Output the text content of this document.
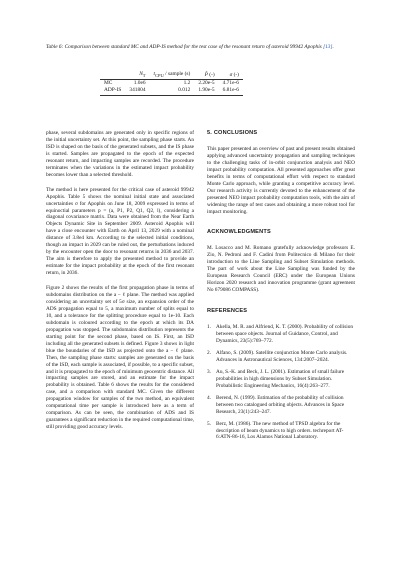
Table 6: Comparison between standard MC and ADP-IS method for the test case of the resonant return of asteroid 99942 Apophis [13].
	$N_T$	$t_{CPU}$ / sample (s)	P̂ (-)	σ (-)
MC	1.0e6	1.2	2.20e-5	4.71e-6
ADP-IS	341804	0.012	1.90e-5	6.81e-6

phase, several subdomains are generated only in specific regions of the initial uncertainty set. At this point, the sampling phase starts. An ISD is shaped on the basis of the generated subsets, and the IS phase is started. Samples are propagated to the epoch of the expected resonant return, and impacting samples are recorded. The procedure terminates when the variations in the estimated impact probability becomes lower than a selected threshold.

The method is here presented for the critical case of asteroid 99942 Apophis. Table 5 shows the nominal initial state and associated uncertainties σ for Apophis on June 18, 2009 expressed in terms of equinoctial parameters p = (a, P1, P2, Q1, Q2, l), considering a diagonal covariance matrix. Data were obtained from the Near Earth Objects Dynamic Site in September 2009. Asteroid Apophis will have a close encounter with Earth on April 13, 2029 with a nominal distance of 3.8e4 km. According to the selected initial conditions, though an impact in 2029 can be ruled out, the perturbations induced by the encounter open the door to resonant returns in 2036 and 2037. The aim is therefore to apply the presented method to provide an estimate for the impact probability at the epoch of the first resonant return, in 2036.

Figure 2 shows the results of the first propagation phase in terms of subdomains distribution on the a − ℓ plane. The method was applied considering an uncertainty set of 5σ size, an expansion order of the ADS propagation equal to 5, a maximum number of splits equal to 10, and a tolerance for the splitting procedure equal to 1e-10. Each subdomain is coloured according to the epoch at which its DA propagation was stopped. The subdomains distribution represents the starting point for the second phase, based on IS. First, an ISD including all the generated subsets is defined. Figure 3 shows in light blue the boundaries of the ISD as projected onto the a − ℓ plane. Then, the sampling phase starts: samples are generated on the basis of the ISD, each sample is associated, if possible, to a specific subset, and it is propagated to the epoch of minimum geocentric distance. All impacting samples are stored, and an estimate for the impact probability is obtained. Table 6 shows the results for the considered case, and a comparison with standard MC. Given the different propagation window for samples of the two method, an equivalent computational time per sample is introduced here as a term of comparison. As can be seen, the combination of ADS and IS guarantees a significant reduction in the required computational time, still providing good accuracy levels.

5. CONCLUSIONS

This paper presented an overview of past and present results obtained applying advanced uncertainty propagation and sampling techniques to the challenging tasks of in-orbit conjunction analysis and NEO impact probability computation. All presented approaches offer great benefits in terms of computational effort with respect to standard Monte Carlo approach, while granting a competitive accuracy level. Our research activity is currently devoted to the enhancement of the presented NEO impact probability computation tools, with the aim of widening the range of test cases and obtaining a more robust tool for impact monitoring.

ACKNOWLEDGMENTS

M. Losacco and M. Romano gratefully acknowledge professors E. Zio, N. Pedroni and F. Cadini from Politecnico di Milano for their introduction to the Line Sampling and Subset Simulation methods. The part of work about the Line Sampling was funded by the European Research Council (ERC) under the European Unions Horizon 2020 research and innovation programme (grant agreement No 679086 COMPASS).

REFERENCES
1. Akella, M. R. and Alfriend, K. T. (2000). Probability of collision between space objects. Journal of Guidance, Control, and Dynamics, 23(5):769–772.
2. Alfano, S. (2009). Satellite conjunction Monte Carlo analysis. Advances in Astronautical Sciences, 134:2007–2024.
3. Au, S.-K. and Beck, J. L. (2001). Estimation of small failure probabilities in high dimensions by Subset Simulation. Probabilistic Engineering Mechanics, 16(4):263–277.
4. Berend, N. (1999). Estimation of the probability of collision between two catalogued orbiting objects. Advances in Space Research, 23(1):243–247.
5. Berz, M. (1986). The new method of TPSD algebra for the description of beam dynamics to high orders. techreport AT-6:ATN-86-16, Los Alamos National Laboratory.
